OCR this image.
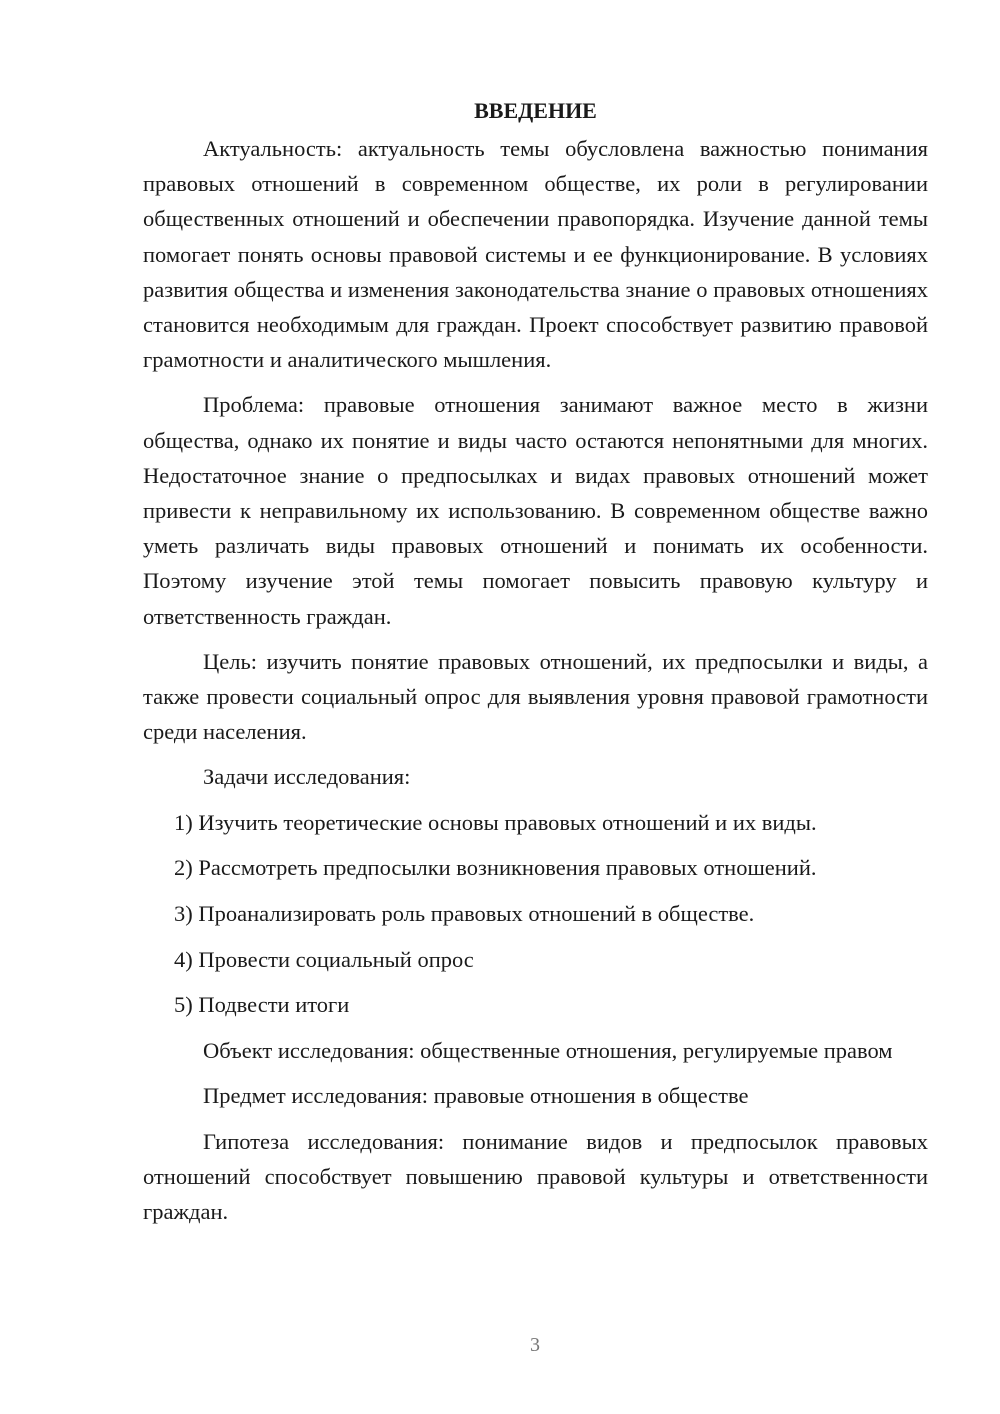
ВВЕДЕНИЕ

Актуальность: актуальность темы обусловлена важностью понимания правовых отношений в современном обществе, их роли в регулировании общественных отношений и обеспечении правопорядка. Изучение данной темы помогает понять основы правовой системы и ее функционирование. В условиях развития общества и изменения законодательства знание о правовых отношениях становится необходимым для граждан. Проект способствует развитию правовой грамотности и аналитического мышления.

Проблема: правовые отношения занимают важное место в жизни общества, однако их понятие и виды часто остаются непонятными для многих. Недостаточное знание о предпосылках и видах правовых отношений может привести к неправильному их использованию. В современном обществе важно уметь различать виды правовых отношений и понимать их особенности. Поэтому изучение этой темы помогает повысить правовую культуру и ответственность граждан.

Цель: изучить понятие правовых отношений, их предпосылки и виды, а также провести социальный опрос для выявления уровня правовой грамотности среди населения.

Задачи исследования:

1) Изучить теоретические основы правовых отношений и их виды.
2) Рассмотреть предпосылки возникновения правовых отношений.
3) Проанализировать роль правовых отношений в обществе.
4) Провести социальный опрос
5) Подвести итоги

Объект исследования: общественные отношения, регулируемые правом

Предмет исследования: правовые отношения в обществе

Гипотеза исследования: понимание видов и предпосылок правовых отношений способствует повышению правовой культуры и ответственности граждан.

3
